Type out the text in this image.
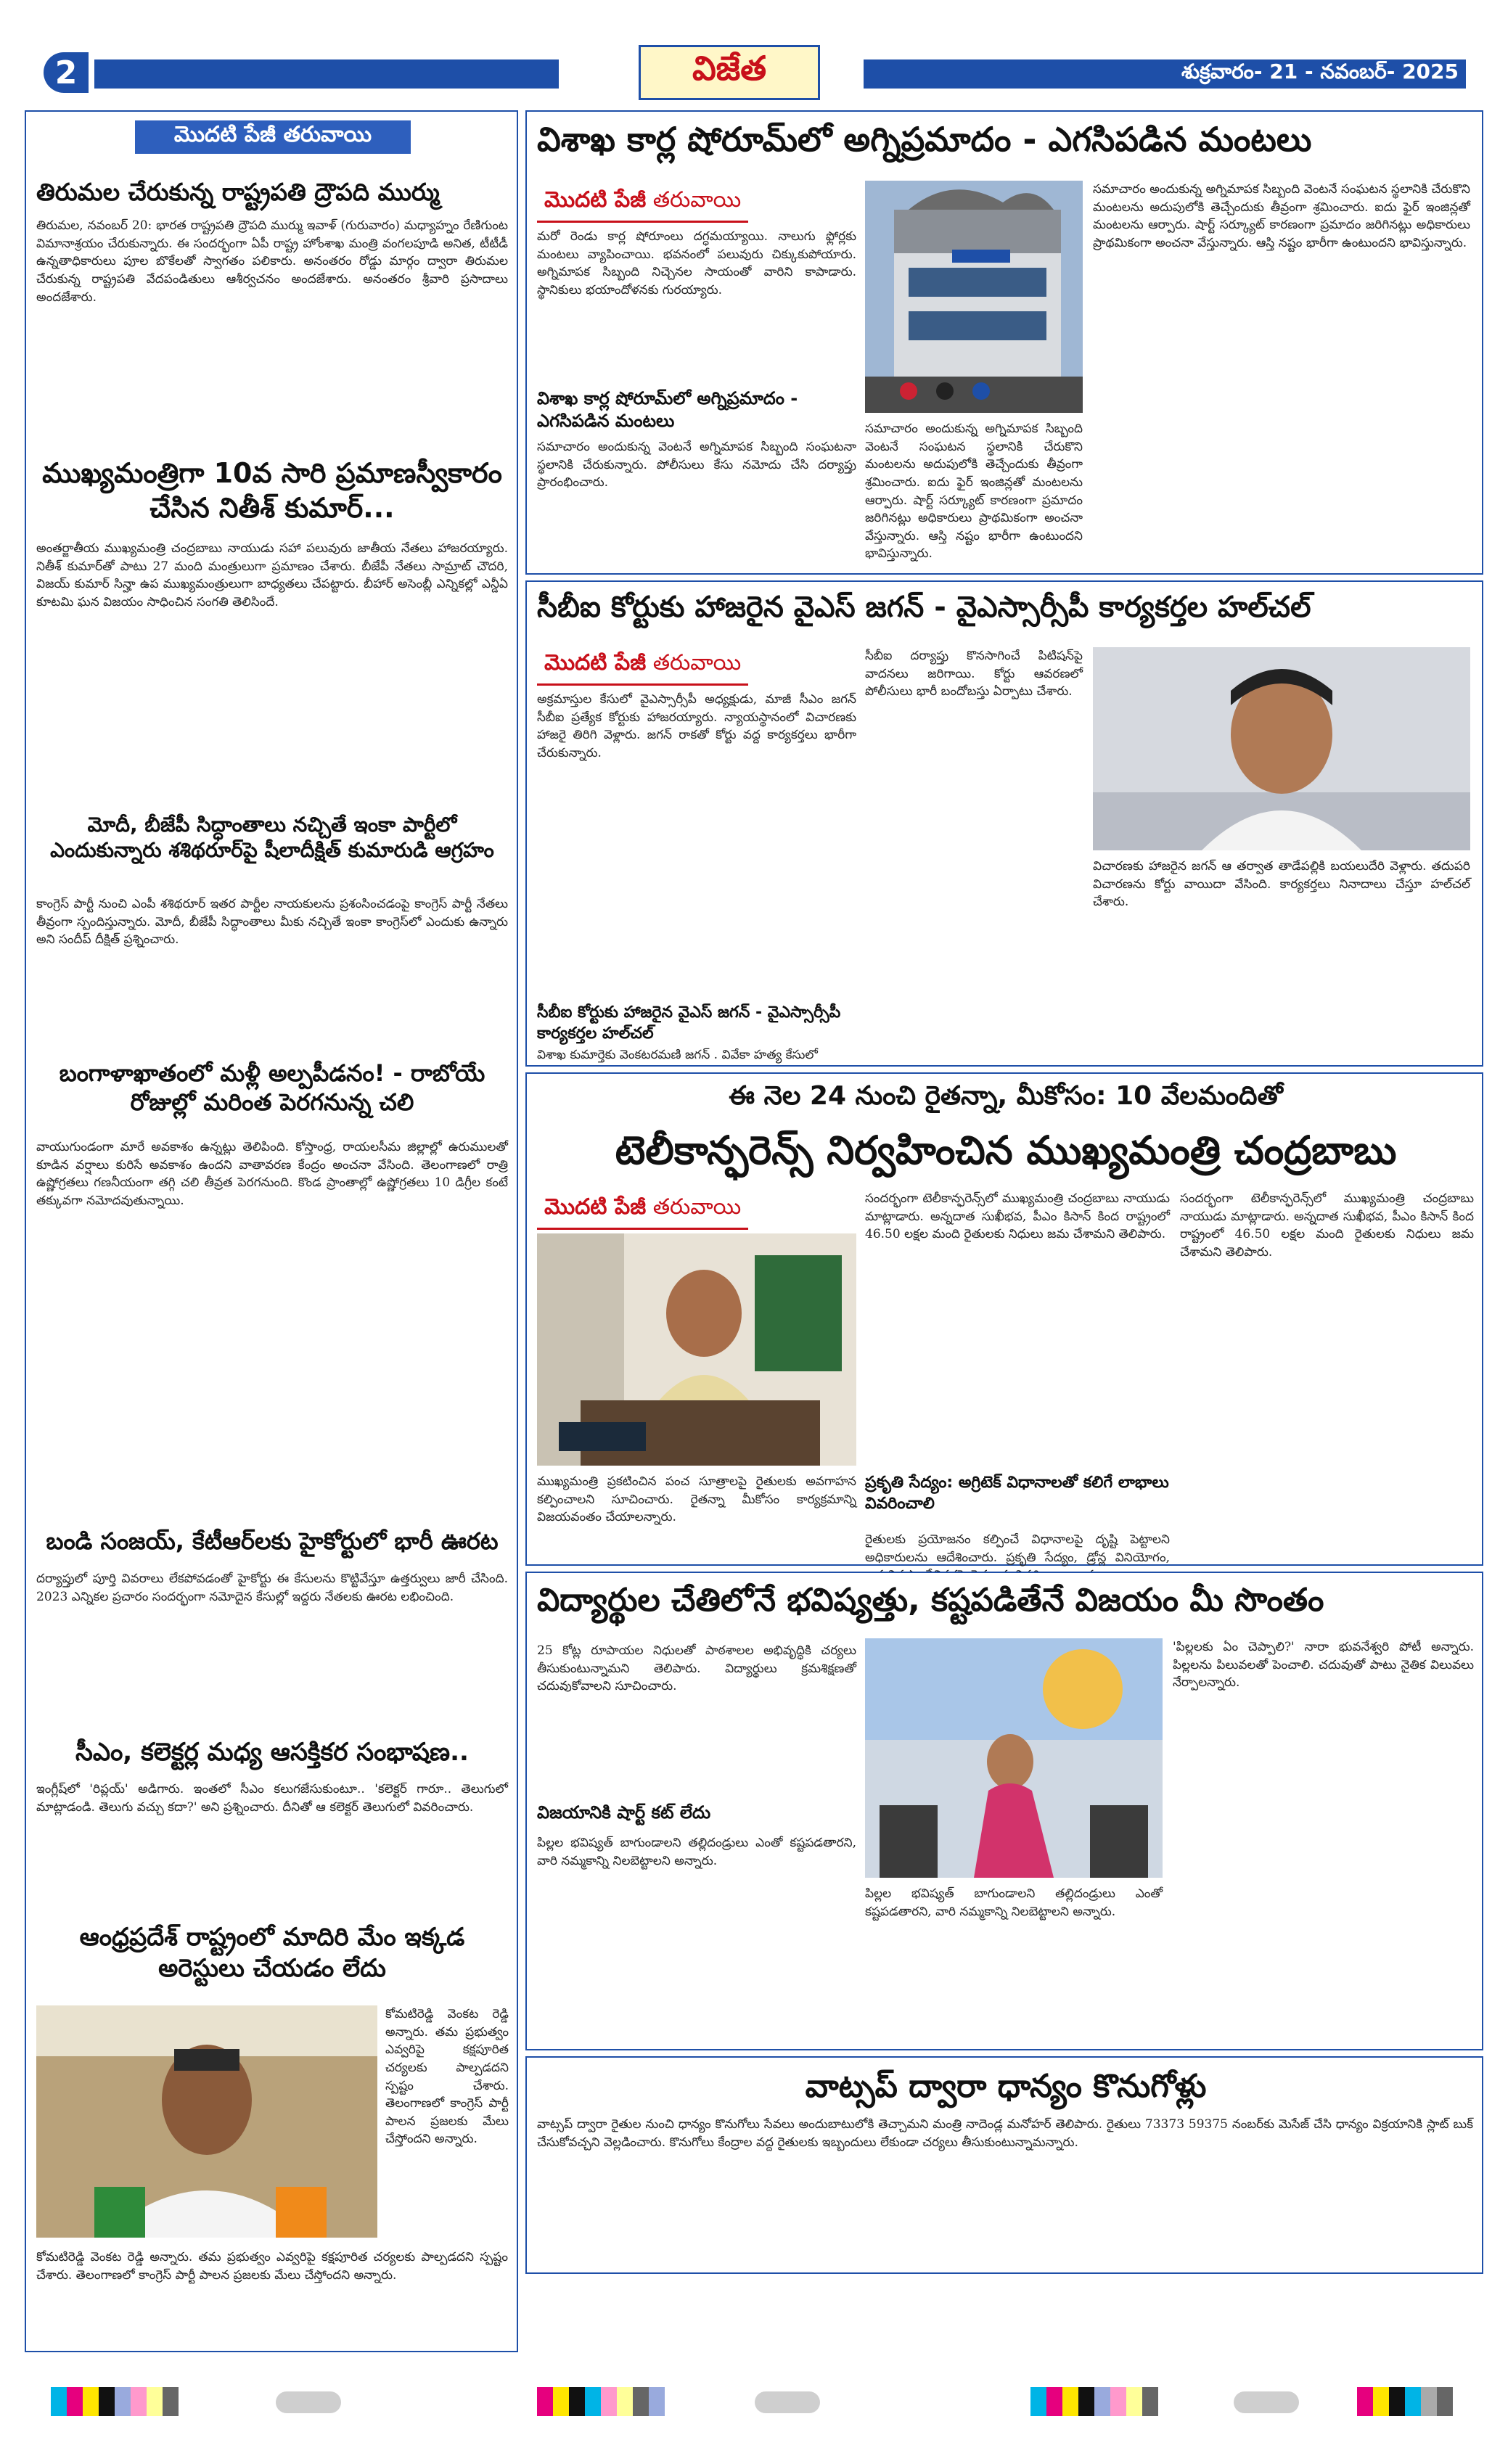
2	విజేత	శుక్రవారం- 21 - నవంబర్- 2025
మొదటి పేజీ తరువాయి
తిరుమల చేరుకున్న రాష్ట్రపతి ద్రౌపది ముర్ము
తిరుమల, నవంబర్ 20: భారత రాష్ట్రపతి ద్రౌపది ముర్ము ఇవాళ్ (గురువారం) మధ్యాహ్నం రేణిగుంట విమానాశ్రయం చేరుకున్నారు. ఈ సందర్భంగా ఏపీ రాష్ట్ర హోంశాఖ మంత్రి వంగలపూడి అనిత, టీటీడీ ఉన్నతాధికారులు పూల బొకేలతో స్వాగతం పలికారు. అనంతరం రోడ్డు మార్గం ద్వారా తిరుమల చేరుకున్న రాష్ట్రపతి వేదపండితులు ఆశీర్వచనం అందజేశారు. అనంతరం శ్రీవారి ప్రసాదాలు అందజేశారు.
ముఖ్యమంత్రిగా 10వ సారి ప్రమాణస్వీకారం చేసిన నితీశ్ కుమార్...
అంతర్జాతీయ ముఖ్యమంత్రి చంద్రబాబు నాయుడు సహా పలువురు జాతీయ నేతలు హాజరయ్యారు. నితీశ్ కుమార్‌తో పాటు 27 మంది మంత్రులుగా ప్రమాణం చేశారు. బీజేపీ నేతలు సామ్రాట్ చౌదరి, విజయ్ కుమార్ సిన్హా ఉప ముఖ్యమంత్రులుగా బాధ్యతలు చేపట్టారు. బీహార్ అసెంబ్లీ ఎన్నికల్లో ఎన్డీఏ కూటమి ఘన విజయం సాధించిన సంగతి తెలిసిందే.
మోదీ, బీజేపీ సిద్ధాంతాలు నచ్చితే ఇంకా పార్టీలో ఎందుకున్నారు శశిథరూర్‌పై షీలాదీక్షిత్ కుమారుడి ఆగ్రహం
కాంగ్రెస్ పార్టీ నుంచి ఎంపీ శశిథరూర్ ఇతర పార్టీల నాయకులను ప్రశంసించడంపై కాంగ్రెస్ పార్టీ నేతలు తీవ్రంగా స్పందిస్తున్నారు. మోదీ, బీజేపీ సిద్ధాంతాలు మీకు నచ్చితే ఇంకా కాంగ్రెస్‌లో ఎందుకు ఉన్నారు అని సందీప్ దీక్షిత్ ప్రశ్నించారు.
బంగాళాఖాతంలో మళ్లీ అల్పపీడనం! - రాబోయే రోజుల్లో మరింత పెరగనున్న చలి
వాయుగుండంగా మారే అవకాశం ఉన్నట్లు తెలిపింది. కోస్తాంధ్ర, రాయలసీమ జిల్లాల్లో ఉరుములతో కూడిన వర్షాలు కురిసే అవకాశం ఉందని వాతావరణ కేంద్రం అంచనా వేసింది. తెలంగాణలో రాత్రి ఉష్ణోగ్రతలు గణనీయంగా తగ్గి చలి తీవ్రత పెరగనుంది. కొండ ప్రాంతాల్లో ఉష్ణోగ్రతలు 10 డిగ్రీల కంటే తక్కువగా నమోదవుతున్నాయి.
బండి సంజయ్, కేటీఆర్‌లకు హైకోర్టులో భారీ ఊరట
దర్యాప్తులో పూర్తి వివరాలు లేకపోవడంతో హైకోర్టు ఈ కేసులను కొట్టివేస్తూ ఉత్తర్వులు జారీ చేసింది. 2023 ఎన్నికల ప్రచారం సందర్భంగా నమోదైన కేసుల్లో ఇద్దరు నేతలకు ఊరట లభించింది.
సీఎం, కలెక్టర్ల మధ్య ఆసక్తికర సంభాషణ..
ఇంగ్లీష్‌లో 'రిప్లయ్' అడిగారు. ఇంతలో సీఎం కలుగజేసుకుంటూ.. 'కలెక్టర్ గారూ.. తెలుగులో మాట్లాడండి. తెలుగు వచ్చు కదా?' అని ప్రశ్నించారు. దీనితో ఆ కలెక్టర్ తెలుగులో వివరించారు.
ఆంధ్రప్రదేశ్ రాష్ట్రంలో మాదిరి మేం ఇక్కడ అరెస్టులు చేయడం లేదు
కోమటిరెడ్డి వెంకట రెడ్డి అన్నారు. తమ ప్రభుత్వం ఎవ్వరిపై కక్షపూరిత చర్యలకు పాల్పడదని స్పష్టం చేశారు. తెలంగాణలో కాంగ్రెస్ పార్టీ పాలన ప్రజలకు మేలు చేస్తోందని అన్నారు.
కోమటిరెడ్డి వెంకట రెడ్డి అన్నారు. తమ ప్రభుత్వం ఎవ్వరిపై కక్షపూరిత చర్యలకు పాల్పడదని స్పష్టం చేశారు. తెలంగాణలో కాంగ్రెస్ పార్టీ పాలన ప్రజలకు మేలు చేస్తోందని అన్నారు.
విశాఖ కార్ల షోరూమ్‌లో అగ్నిప్రమాదం - ఎగసిపడిన మంటలు
మొదటి పేజీ తరువాయి
మరో రెండు కార్ల షోరూంలు దగ్ధమయ్యాయి. నాలుగు ఫ్లోర్లకు మంటలు వ్యాపించాయి. భవనంలో పలువురు చిక్కుకుపోయారు. అగ్నిమాపక సిబ్బంది నిచ్చెనల సాయంతో వారిని కాపాడారు. స్థానికులు భయాందోళనకు గురయ్యారు.
విశాఖ కార్ల షోరూమ్‌లో అగ్నిప్రమాదం - ఎగసిపడిన మంటలు
సమాచారం అందుకున్న వెంటనే అగ్నిమాపక సిబ్బంది సంఘటనా స్థలానికి చేరుకున్నారు. పోలీసులు కేసు నమోదు చేసి దర్యాప్తు ప్రారంభించారు.
సమాచారం అందుకున్న అగ్నిమాపక సిబ్బంది వెంటనే సంఘటన స్థలానికి చేరుకొని మంటలను అదుపులోకి తెచ్చేందుకు తీవ్రంగా శ్రమించారు. ఐదు ఫైర్ ఇంజిన్లతో మంటలను ఆర్పారు. షార్ట్ సర్క్యూట్ కారణంగా ప్రమాదం జరిగినట్లు అధికారులు ప్రాథమికంగా అంచనా వేస్తున్నారు. ఆస్తి నష్టం భారీగా ఉంటుందని భావిస్తున్నారు.
సమాచారం అందుకున్న అగ్నిమాపక సిబ్బంది వెంటనే సంఘటన స్థలానికి చేరుకొని మంటలను అదుపులోకి తెచ్చేందుకు తీవ్రంగా శ్రమించారు. ఐదు ఫైర్ ఇంజిన్లతో మంటలను ఆర్పారు. షార్ట్ సర్క్యూట్ కారణంగా ప్రమాదం జరిగినట్లు అధికారులు ప్రాథమికంగా అంచనా వేస్తున్నారు. ఆస్తి నష్టం భారీగా ఉంటుందని భావిస్తున్నారు.
సీబీఐ కోర్టుకు హాజరైన వైఎస్ జగన్ - వైఎస్సార్సీపీ కార్యకర్తల హల్‌చల్
మొదటి పేజీ తరువాయి
అక్రమాస్తుల కేసులో వైఎస్సార్సీపీ అధ్యక్షుడు, మాజీ సీఎం జగన్ సీబీఐ ప్రత్యేక కోర్టుకు హాజరయ్యారు. న్యాయస్థానంలో విచారణకు హాజరై తిరిగి వెళ్లారు. జగన్ రాకతో కోర్టు వద్ద కార్యకర్తలు భారీగా చేరుకున్నారు.
సీబీఐ కోర్టుకు హాజరైన వైఎస్ జగన్ - వైఎస్సార్సీపీ కార్యకర్తల హల్‌చల్
విశాఖ కుమార్తెకు వెంకటరమణి జగన్ . వివేకా హత్య కేసులో
సీబీఐ దర్యాప్తు కొనసాగించే పిటిషన్‌పై వాదనలు జరిగాయి. కోర్టు ఆవరణలో పోలీసులు భారీ బందోబస్తు ఏర్పాటు చేశారు.
విచారణకు హాజరైన జగన్ ఆ తర్వాత తాడేపల్లికి బయలుదేరి వెళ్లారు. తదుపరి విచారణను కోర్టు వాయిదా వేసింది. కార్యకర్తలు నినాదాలు చేస్తూ హల్‌చల్ చేశారు.
ఈ నెల 24 నుంచి రైతన్నా, మీకోసం: 10 వేలమందితో
టెలీకాన్ఫరెన్స్ నిర్వహించిన ముఖ్యమంత్రి చంద్రబాబు
మొదటి పేజీ తరువాయి
ముఖ్యమంత్రి ప్రకటించిన పంచ సూత్రాలపై రైతులకు అవగాహన కల్పించాలని సూచించారు. రైతన్నా మీకోసం కార్యక్రమాన్ని విజయవంతం చేయాలన్నారు.
సందర్భంగా టెలీకాన్ఫరెన్స్‌లో ముఖ్యమంత్రి చంద్రబాబు నాయుడు మాట్లాడారు. అన్నదాత సుఖీభవ, పీఎం కిసాన్ కింద రాష్ట్రంలో 46.50 లక్షల మంది రైతులకు నిధులు జమ చేశామని తెలిపారు.
ప్రకృతి సేద్యం: అగ్రిటెక్ విధానాలతో కలిగే లాభాలు వివరించాలి
రైతులకు ప్రయోజనం కల్పించే విధానాలపై దృష్టి పెట్టాలని అధికారులను ఆదేశించారు. ప్రకృతి సేద్యం, డ్రోన్ల వినియోగం,
సందర్భంగా టెలీకాన్ఫరెన్స్‌లో ముఖ్యమంత్రి చంద్రబాబు నాయుడు మాట్లాడారు. అన్నదాత సుఖీభవ, పీఎం కిసాన్ కింద రాష్ట్రంలో 46.50 లక్షల మంది రైతులకు నిధులు జమ చేశామని తెలిపారు.
విద్యార్థుల చేతిలోనే భవిష్యత్తు, కష్టపడితేనే విజయం మీ సొంతం
25 కోట్ల రూపాయల నిధులతో పాఠశాలల అభివృద్ధికి చర్యలు తీసుకుంటున్నామని తెలిపారు. విద్యార్థులు క్రమశిక్షణతో చదువుకోవాలని సూచించారు.
విజయానికి షార్ట్ కట్ లేదు
పిల్లల భవిష్యత్ బాగుండాలని తల్లిదండ్రులు ఎంతో కష్టపడతారని, వారి నమ్మకాన్ని నిలబెట్టాలని అన్నారు.
పిల్లల భవిష్యత్ బాగుండాలని తల్లిదండ్రులు ఎంతో కష్టపడతారని, వారి నమ్మకాన్ని నిలబెట్టాలని అన్నారు.
'పిల్లలకు ఏం చెప్పాలి?' నారా భువనేశ్వరి పోటీ అన్నారు. పిల్లలను పిలువలతో పెంచాలి. చదువుతో పాటు నైతిక విలువలు నేర్పాలన్నారు.
వాట్సప్ ద్వారా ధాన్యం కొనుగోళ్లు
వాట్సప్ ద్వారా రైతుల నుంచి ధాన్యం కొనుగోలు సేవలు అందుబాటులోకి తెచ్చామని మంత్రి నాదెండ్ల మనోహర్ తెలిపారు. రైతులు 73373 59375 నంబర్‌కు మెసేజ్ చేసి ధాన్యం విక్రయానికి స్లాట్ బుక్ చేసుకోవచ్చని వెల్లడించారు. కొనుగోలు కేంద్రాల వద్ద రైతులకు ఇబ్బందులు లేకుండా చర్యలు తీసుకుంటున్నామన్నారు.
